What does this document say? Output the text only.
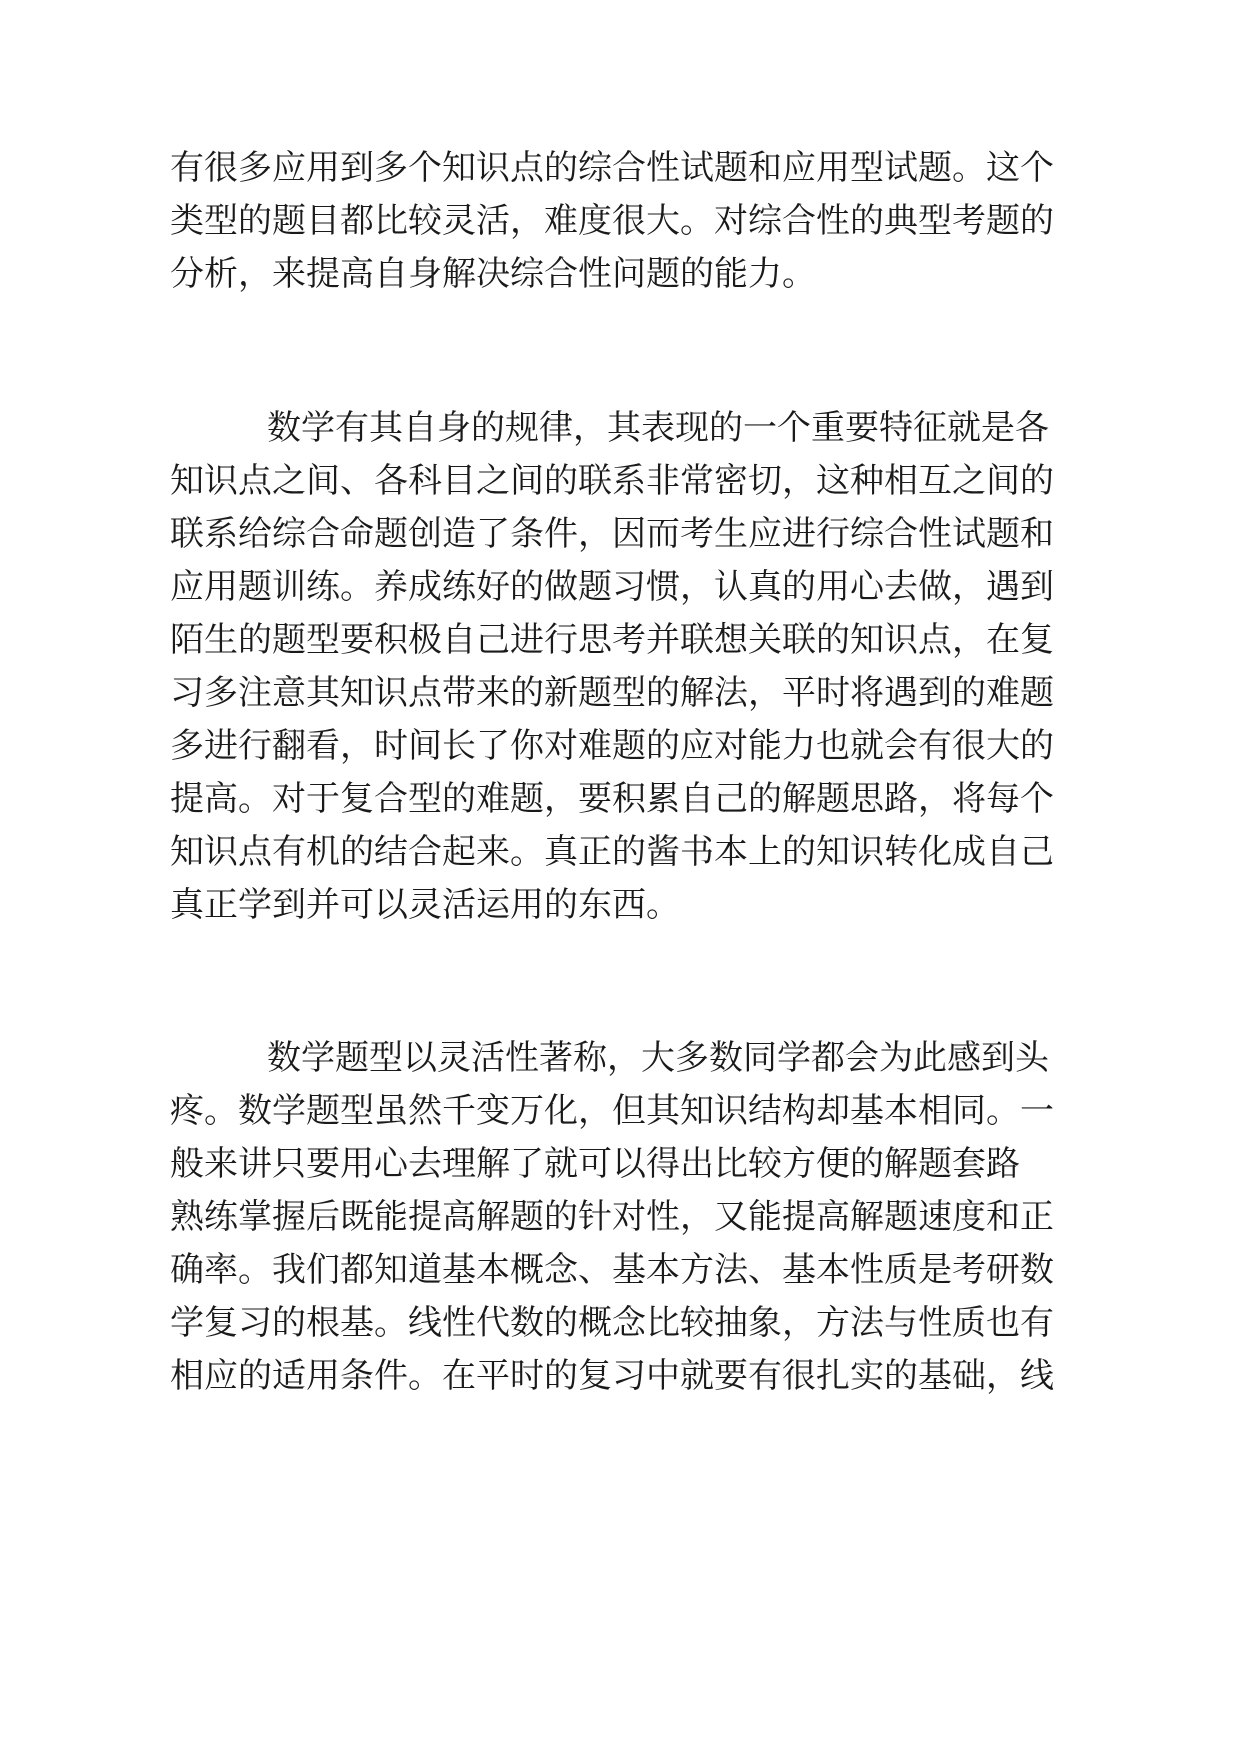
有 很 多 应 用 到 多 个 知 识 点 的 综 合 性 试 题 和 应 用 型 试 题 。 这 个
类 型 的 题 目 都 比 较 灵 活 ， 难 度 很 大 。 对 综 合 性 的 典 型 考 题 的
分析，来提高自身解决综合性问题的能力。
数 学 有 其 自 身 的 规 律 ， 其 表 现 的 一 个 重 要 特 征 就 是 各
知 识 点 之 间 、 各 科 目 之 间 的 联 系 非 常 密 切 ， 这 种 相 互 之 间 的
联 系 给 综 合 命 题 创 造 了 条 件 ， 因 而 考 生 应 进 行 综 合 性 试 题 和
应 用 题 训 练 。 养 成 练 好 的 做 题 习 惯 ， 认 真 的 用 心 去 做 ， 遇 到
陌 生 的 题 型 要 积 极 自 己 进 行 思 考 并 联 想 关 联 的 知 识 点 ， 在 复
习 多 注 意 其 知 识 点 带 来 的 新 题 型 的 解 法 ， 平 时 将 遇 到 的 难 题
多 进 行 翻 看 ， 时 间 长 了 你 对 难 题 的 应 对 能 力 也 就 会 有 很 大 的
提 高 。 对 于 复 合 型 的 难 题 ， 要 积 累 自 己 的 解 题 思 路 ， 将 每 个
知 识 点 有 机 的 结 合 起 来 。 真 正 的 酱 书 本 上 的 知 识 转 化 成 自 己
真正学到并可以灵活运用的东西。
数 学 题 型 以 灵 活 性 著 称 ， 大 多 数 同 学 都 会 为 此 感 到 头
疼 。 数 学 题 型 虽 然 千 变 万 化 ， 但 其 知 识 结 构 却 基 本 相 同 。 一
般 来 讲 只 要 用 心 去 理 解 了 就 可 以 得 出 比 较 方 便 的 解 题 套 路
熟 练 掌 握 后 既 能 提 高 解 题 的 针 对 性 ， 又 能 提 高 解 题 速 度 和 正
确 率 。 我 们 都 知 道 基 本 概 念 、 基 本 方 法 、 基 本 性 质 是 考 研 数
学 复 习 的 根 基 。 线 性 代 数 的 概 念 比 较 抽 象 ， 方 法 与 性 质 也 有
相 应 的 适 用 条 件 。 在 平 时 的 复 习 中 就 要 有 很 扎 实 的 基 础 ， 线
